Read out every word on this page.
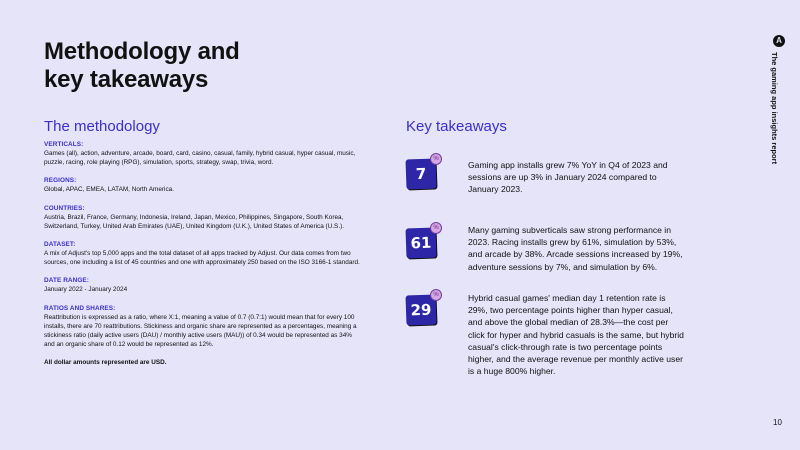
Methodology and
key takeaways
A
The gaming app insights report
The methodology
VERTICALS:
Games (all), action, adventure, arcade, board, card, casino, casual, family, hybrid casual, hyper casual, music, puzzle, racing, role playing (RPG), simulation, sports, strategy, swap, trivia, word.
REGIONS:
Global, APAC, EMEA, LATAM, North America.
COUNTRIES:
Austria, Brazil, France, Germany, Indonesia, Ireland, Japan, Mexico, Philippines, Singapore, South Korea, Switzerland, Turkey, United Arab Emirates (UAE), United Kingdom (U.K.), United States of America (U.S.).
DATASET:
A mix of Adjust's top 5,000 apps and the total dataset of all apps tracked by Adjust. Our data comes from two sources, one including a list of 45 countries and one with approximately 250 based on the ISO 3166-1 standard.
DATE RANGE:
January 2022 - January 2024
RATIOS AND SHARES:
Reattribution is expressed as a ratio, where X:1, meaning a value of 0.7 (0.7:1) would mean that for every 100 installs, there are 70 reattributions. Stickiness and organic share are represented as a percentages, meaning a stickiness ratio (daily active users (DAU) / monthly active users (MAU)) of 0.34 would be represented as 34% and an organic share of 0.12 would be represented as 12%.
All dollar amounts represented are USD.
Key takeaways
7
%
Gaming app installs grew 7% YoY in Q4 of 2023 and sessions are up 3% in January 2024 compared to January 2023.
61
%	Many gaming subverticals saw strong performance in 2023. Racing installs grew by 61%, simulation by 53%, and arcade by 38%. Arcade sessions increased by 19%, adventure sessions by 7%, and simulation by 6%.
29
%	Hybrid casual games' median day 1 retention rate is 29%, two percentage points higher than hyper casual, and above the global median of 28.3%—the cost per click for hyper and hybrid casuals is the same, but hybrid casual's click-through rate is two percentage points higher, and the average revenue per monthly active user is a huge 800% higher.
10
